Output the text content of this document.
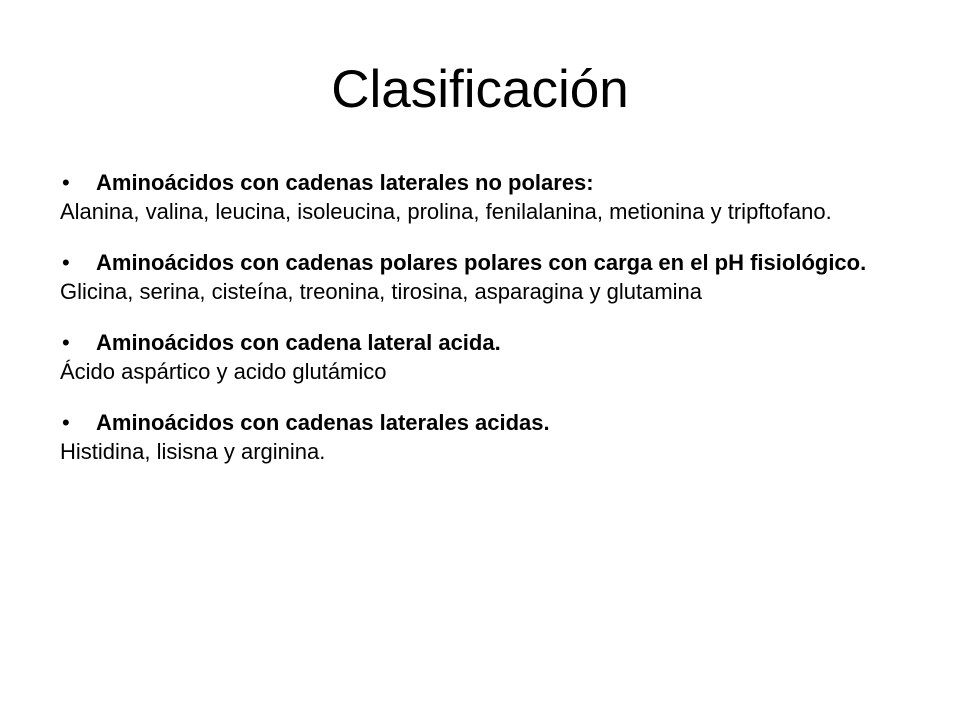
Clasificación
•	Aminoácidos con cadenas laterales no polares:
Alanina, valina, leucina, isoleucina, prolina, fenilalanina, metionina y tripftofano.
•	Aminoácidos con cadenas polares polares con carga en el pH fisiológico.
Glicina, serina, cisteína, treonina, tirosina, asparagina y glutamina
•	Aminoácidos con cadena lateral acida.
Ácido aspártico y acido glutámico
•	Aminoácidos con cadenas laterales acidas.
Histidina, lisisna y arginina.
